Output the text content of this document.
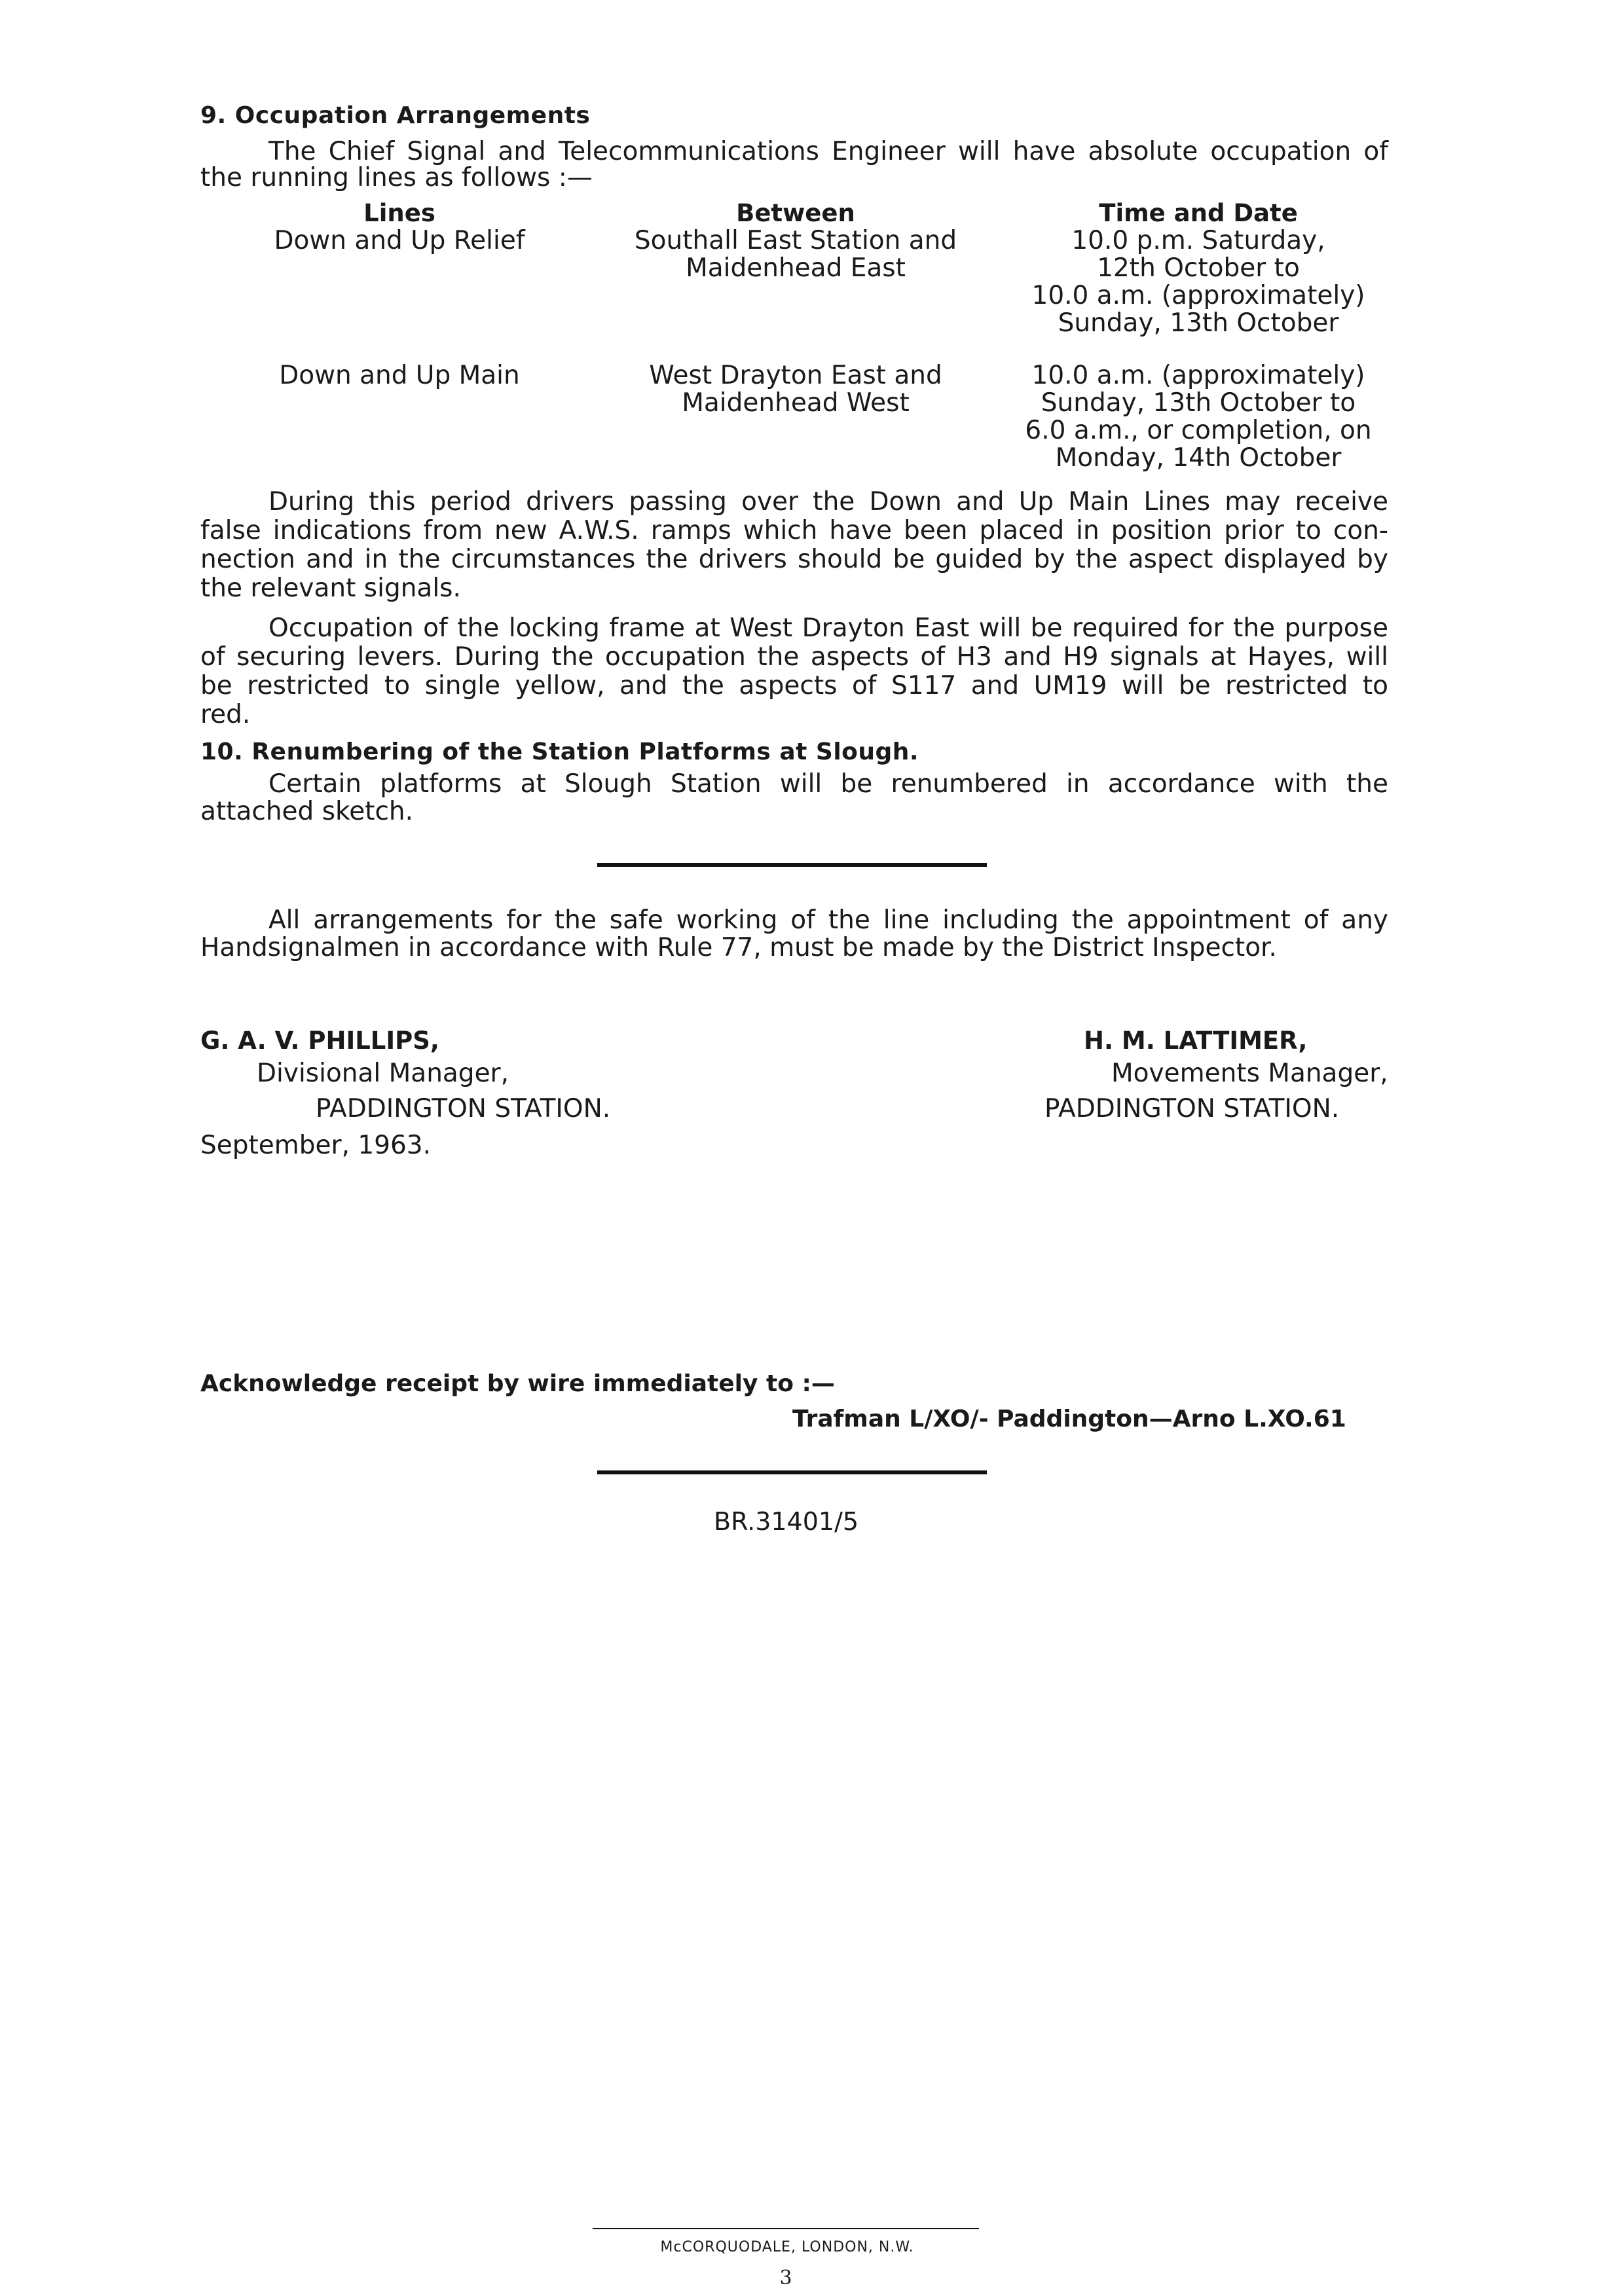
9. Occupation Arrangements
The Chief Signal and Telecommunications Engineer will have absolute occupation of
the running lines as follows :—
Lines
Down and Up Relief
Between
Southall East Station and
Maidenhead East
Time and Date
10.0 p.m. Saturday,
12th October to
10.0 a.m. (approximately)
Sunday, 13th October
Down and Up Main	West Drayton East and
Maidenhead West
10.0 a.m. (approximately)
Sunday, 13th October to
6.0 a.m., or completion, on
Monday, 14th October
During this period drivers passing over the Down and Up Main Lines may receive
false indications from new A.W.S. ramps which have been placed in position prior to con-
nection and in the circumstances the drivers should be guided by the aspect displayed by
the relevant signals.
Occupation of the locking frame at West Drayton East will be required for the purpose
of securing levers. During the occupation the aspects of H3 and H9 signals at Hayes, will
be restricted to single yellow, and the aspects of S117 and UM19 will be restricted to
red.
10. Renumbering of the Station Platforms at Slough.
Certain platforms at Slough Station will be renumbered in accordance with the
attached sketch.
All arrangements for the safe working of the line including the appointment of any
Handsignalmen in accordance with Rule 77, must be made by the District Inspector.
G. A. V. PHILLIPS,
Divisional Manager,
PADDINGTON STATION.
September, 1963.
H. M. LATTIMER,
Movements Manager,
PADDINGTON STATION.
Acknowledge receipt by wire immediately to :—
Trafman L/XO/- Paddington—Arno L.XO.61
BR.31401/5
McCORQUODALE, LONDON, N.W.
3
